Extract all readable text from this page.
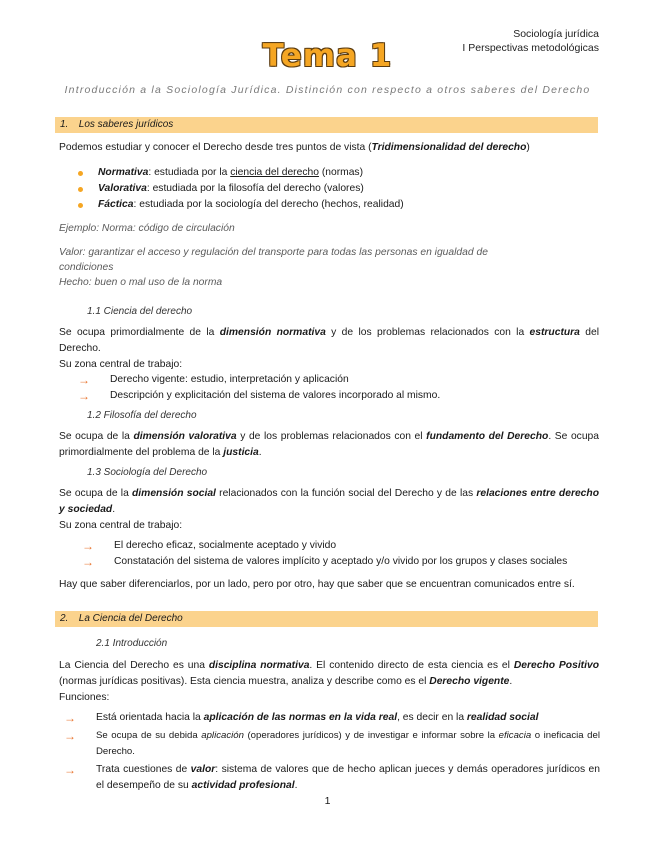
Sociología jurídica
I Perspectivas metodológicas
Tema 1
Introducción a la Sociología Jurídica. Distinción con respecto a otros saberes del Derecho
1. Los saberes jurídicos
Podemos estudiar y conocer el Derecho desde tres puntos de vista (Tridimensionalidad del derecho)
Normativa: estudiada por la ciencia del derecho (normas)
Valorativa: estudiada por la filosofía del derecho (valores)
Fáctica: estudiada por la sociología del derecho (hechos, realidad)
Ejemplo: Norma: código de circulación
Valor: garantizar el acceso y regulación del transporte para todas las personas en igualdad de
condiciones
Hecho: buen o mal uso de la norma
1.1 Ciencia del derecho
Se ocupa primordialmente de la dimensión normativa y de los problemas relacionados con la estructura del Derecho.
Su zona central de trabajo:
→ Derecho vigente: estudio, interpretación y aplicación
→ Descripción y explicitación del sistema de valores incorporado al mismo.
1.2 Filosofía del derecho
Se ocupa de la dimensión valorativa y de los problemas relacionados con el fundamento del Derecho. Se ocupa primordialmente del problema de la justicia.
1.3 Sociología del Derecho
Se ocupa de la dimensión social relacionados con la función social del Derecho y de las relaciones entre derecho y sociedad.
Su zona central de trabajo:
→ El derecho eficaz, socialmente aceptado y vivido
→ Constatación del sistema de valores implícito y aceptado y/o vivido por los grupos y clases sociales
Hay que saber diferenciarlos, por un lado, pero por otro, hay que saber que se encuentran comunicados entre sí.
2. La Ciencia del Derecho
2.1 Introducción
La Ciencia del Derecho es una disciplina normativa. El contenido directo de esta ciencia es el Derecho Positivo (normas jurídicas positivas). Esta ciencia muestra, analiza y describe como es el Derecho vigente.
Funciones:
→ Está orientada hacia la aplicación de las normas en la vida real, es decir en la realidad social
→ Se ocupa de su debida aplicación (operadores jurídicos) y de investigar e informar sobre la eficacia o ineficacia del Derecho.
→ Trata cuestiones de valor: sistema de valores que de hecho aplican jueces y demás operadores jurídicos en el desempeño de su actividad profesional.
1
